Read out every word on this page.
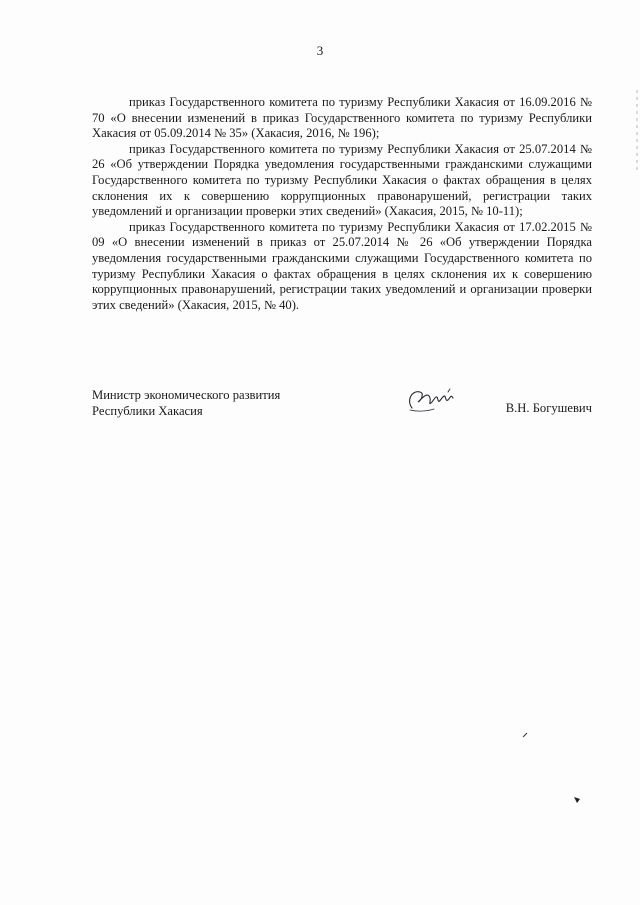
3

приказ Государственного комитета по туризму Республики Хакасия от 16.09.2016 № 70 «О внесении изменений в приказ Государственного комитета по туризму Республики Хакасия от 05.09.2014 № 35» (Хакасия, 2016, № 196);

приказ Государственного комитета по туризму Республики Хакасия от 25.07.2014 № 26 «Об утверждении Порядка уведомления государственными гражданскими служащими Государственного комитета по туризму Республики Хакасия о фактах обращения в целях склонения их к совершению коррупционных правонарушений, регистрации таких уведомлений и организации проверки этих сведений» (Хакасия, 2015, № 10-11);

приказ Государственного комитета по туризму Республики Хакасия от 17.02.2015 № 09 «О внесении изменений в приказ от 25.07.2014 № 26 «Об утверждении Порядка уведомления государственными гражданскими служащими Государственного комитета по туризму Республики Хакасия о фактах обращения в целях склонения их к совершению коррупционных правонарушений, регистрации таких уведомлений и организации проверки этих сведений» (Хакасия, 2015, № 40).

Министр экономического развития
Республики Хакасия	В.Н. Богушевич
